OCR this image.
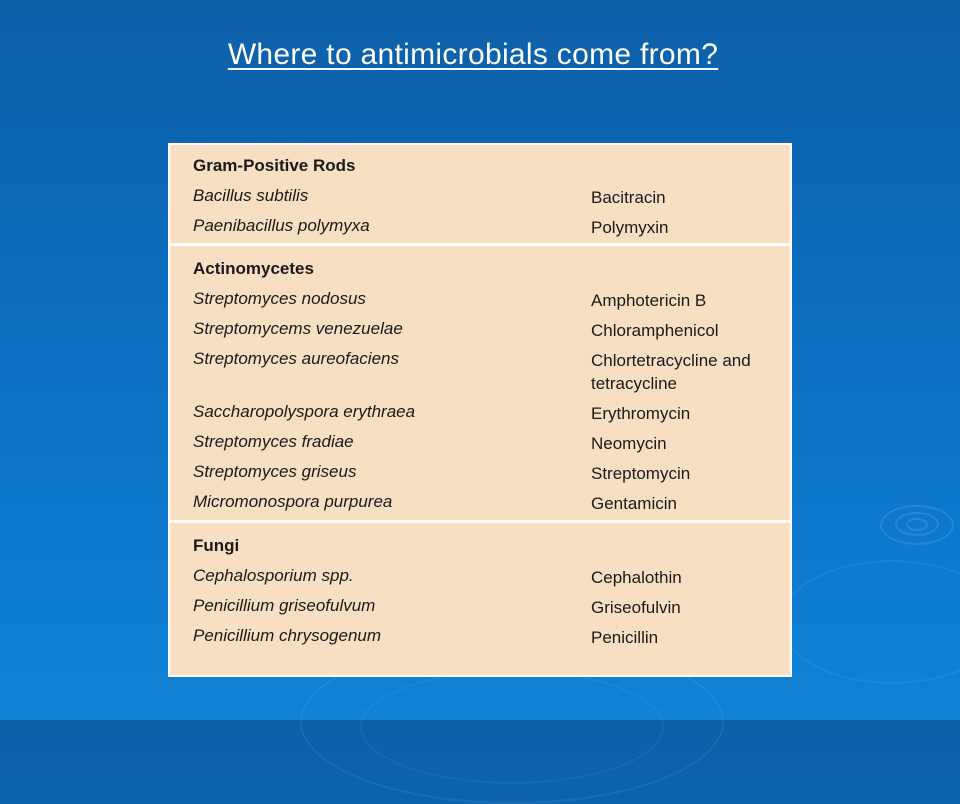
Where to antimicrobials come from?
Gram-Positive Rods
Bacillus subtilis	Bacitracin
Paenibacillus polymyxa	Polymyxin
Actinomycetes
Streptomyces nodosus	Amphotericin B
Streptomycems venezuelae	Chloramphenicol
Streptomyces aureofaciens	Chlortetracycline and tetracycline
Saccharopolyspora erythraea	Erythromycin
Streptomyces fradiae	Neomycin
Streptomyces griseus	Streptomycin
Micromonospora purpurea	Gentamicin
Fungi
Cephalosporium spp.	Cephalothin
Penicillium griseofulvum	Griseofulvin
Penicillium chrysogenum	Penicillin
